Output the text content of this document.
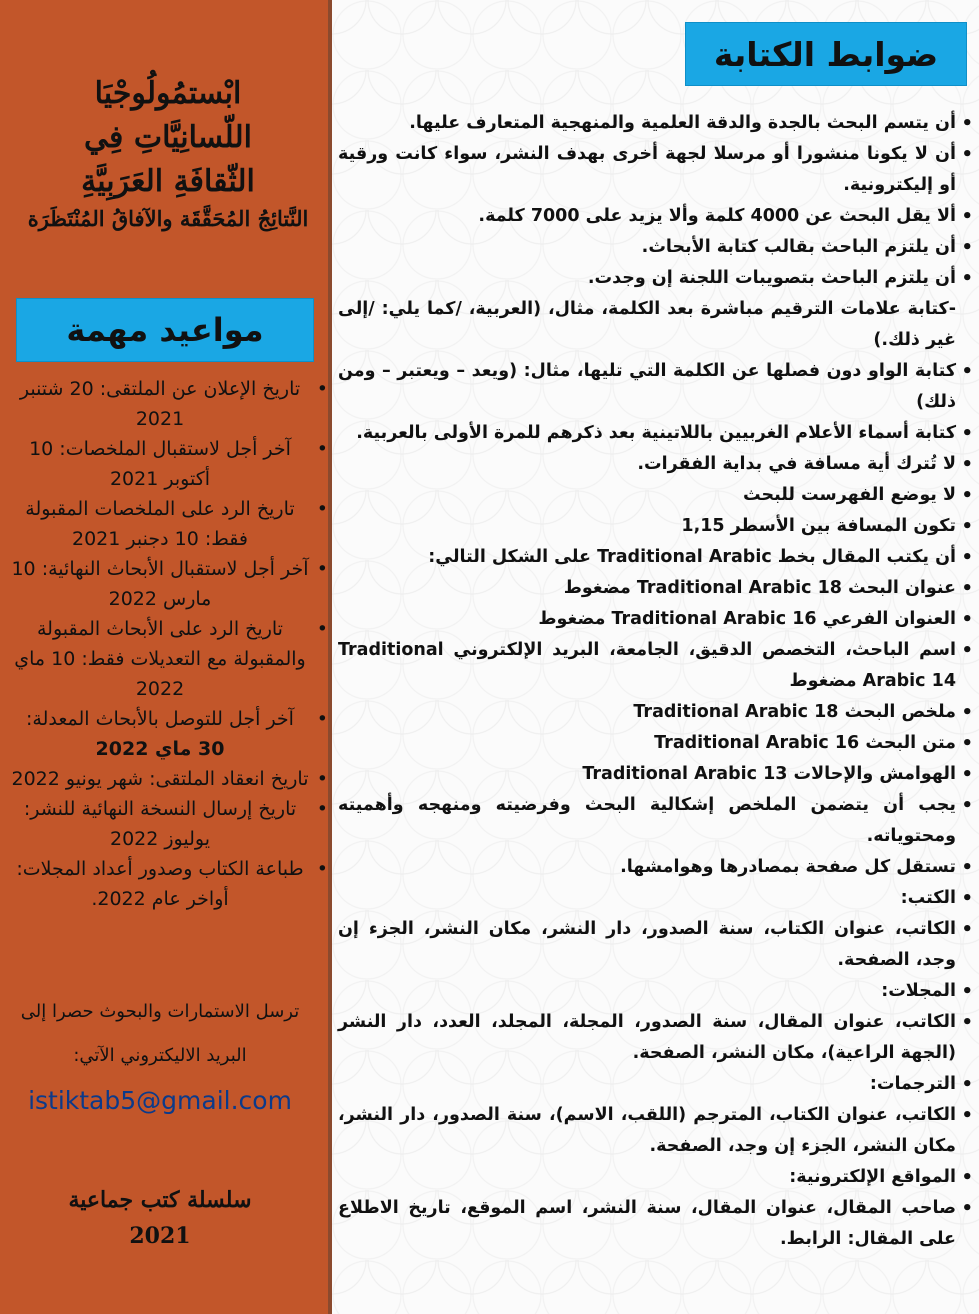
ابْستمُولُوجْيَا
اللّسانِيَّاتِ فِي
الثّقافَةِ العَرَبِيَّةِ
النَّتائِجُ المُحَقَّقَة والآفاقُ المُنْتَظَرَة
مواعيد مهمة
• تاريخ الإعلان عن الملتقى: 20 شتنبر 2021
• آخر أجل لاستقبال الملخصات: 10 أكتوبر 2021
• تاريخ الرد على الملخصات المقبولة فقط: 10 دجنبر 2021
• آخر أجل لاستقبال الأبحاث النهائية: 10 مارس 2022
• تاريخ الرد على الأبحاث المقبولة والمقبولة مع التعديلات فقط: 10 ماي 2022
• آخر أجل للتوصل بالأبحاث المعدلة: 30 ماي 2022
• تاريخ انعقاد الملتقى: شهر يونيو 2022
• تاريخ إرسال النسخة النهائية للنشر: يوليوز 2022
• طباعة الكتاب وصدور أعداد المجلات: أواخر عام 2022.
ترسل الاستمارات والبحوث حصرا إلى
البريد الاليكتروني الآتي:
istiktab5@gmail.com
سلسلة كتب جماعية
2021
ضوابط الكتابة
• أن يتسم البحث بالجدة والدقة العلمية والمنهجية المتعارف عليها.
• أن لا يكونا منشورا أو مرسلا لجهة أخرى بهدف النشر، سواء كانت ورقية أو إليكترونية.
• ألا يقل البحث عن 4000 كلمة وألا يزيد على 7000 كلمة.
• أن يلتزم الباحث بقالب كتابة الأبحاث.
• أن يلتزم الباحث بتصويبات اللجنة إن وجدت.
-كتابة علامات الترقيم مباشرة بعد الكلمة، مثال، (العربية، /كما يلي: /إلى غير ذلك.)
• كتابة الواو دون فصلها عن الكلمة التي تليها، مثال: (ويعد – ويعتبر – ومن ذلك)
• كتابة أسماء الأعلام الغربيين باللاتينية بعد ذكرهم للمرة الأولى بالعربية.
• لا تُترك أية مسافة في بداية الفقرات.
• لا يوضع الفهرست للبحث
• تكون المسافة بين الأسطر 1,15
• أن يكتب المقال بخط Traditional Arabic على الشكل التالي:
• عنوان البحث Traditional Arabic 18 مضغوط
• العنوان الفرعي Traditional Arabic 16 مضغوط
• اسم الباحث، التخصص الدقيق، الجامعة، البريد الإلكتروني Traditional Arabic 14 مضغوط
• ملخص البحث Traditional Arabic 18
• متن البحث Traditional Arabic 16
• الهوامش والإحالات Traditional Arabic 13
• يجب أن يتضمن الملخص إشكالية البحث وفرضيته ومنهجه وأهميته ومحتوياته.
• تستقل كل صفحة بمصادرها وهوامشها.
• الكتب:
• الكاتب، عنوان الكتاب، سنة الصدور، دار النشر، مكان النشر، الجزء إن وجد، الصفحة.
• المجلات:
• الكاتب، عنوان المقال، سنة الصدور، المجلة، المجلد، العدد، دار النشر (الجهة الراعية)، مكان النشر، الصفحة.
• الترجمات:
• الكاتب، عنوان الكتاب، المترجم (اللقب، الاسم)، سنة الصدور، دار النشر، مكان النشر، الجزء إن وجد، الصفحة.
• المواقع الإلكترونية:
• صاحب المقال، عنوان المقال، سنة النشر، اسم الموقع، تاريخ الاطلاع على المقال: الرابط.
